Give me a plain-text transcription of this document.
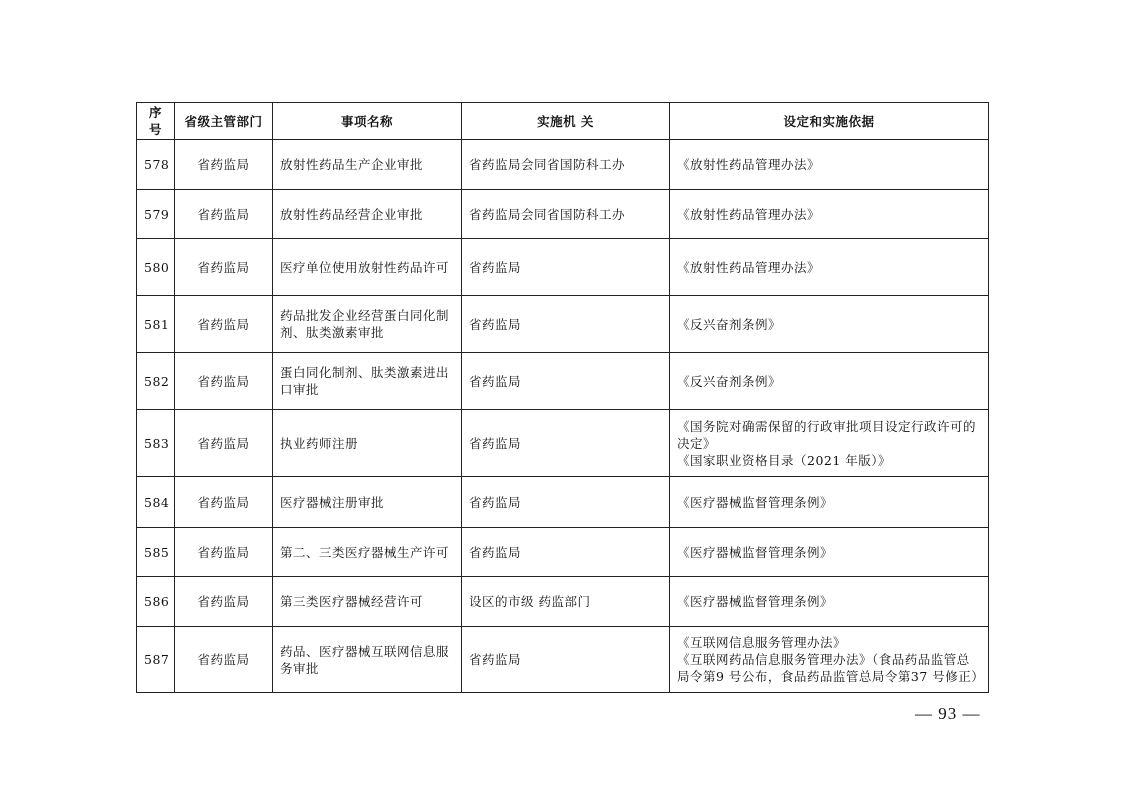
序号	省级主管部门	事项名称	实施机 关	设定和实施依据
578	省药监局	放射性药品生产企业审批	省药监局会同省国防科工办	《放射性药品管理办法》

579	省药监局	放射性药品经营企业审批	省药监局会同省国防科工办	《放射性药品管理办法》

580	省药监局	医疗单位使用放射性药品许可	省药监局	《放射性药品管理办法》

581	省药监局	药品批发企业经营蛋白同化制剂、肽类激素审批	省药监局	《反兴奋剂条例》

582	省药监局	蛋白同化制剂、肽类激素进出口审批	省药监局	《反兴奋剂条例》

583	省药监局	执业药师注册	省药监局	《国务院对确需保留的行政审批项目设定行政许可的决定》
《国家职业资格目录（2021 年版）》

584	省药监局	医疗器械注册审批	省药监局	《医疗器械监督管理条例》

585	省药监局	第二、三类医疗器械生产许可	省药监局	《医疗器械监督管理条例》

586	省药监局	第三类医疗器械经营许可	设区的市级 药监部门	《医疗器械监督管理条例》

587	省药监局	药品、医疗器械互联网信息服务审批	省药监局	《互联网信息服务管理办法》
《互联网药品信息服务管理办法》（食品药品监管总局令第9 号公布，食品药品监管总局令第37 号修正）
— 93 —
